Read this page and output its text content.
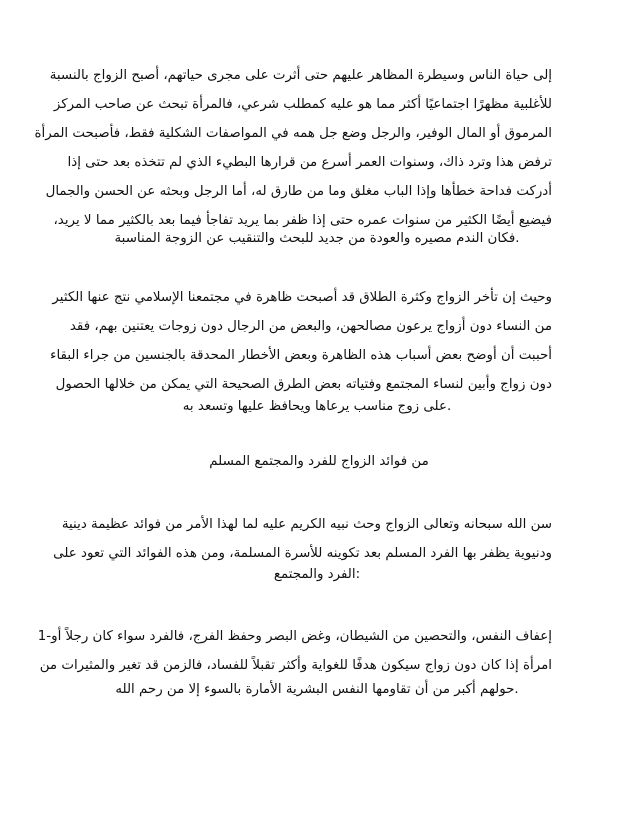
إلى حياة الناس وسيطرة المظاهر عليهم حتى أثرت على مجرى حياتهم، أصبح الزواج بالنسبة
للأغلبية مظهرًا اجتماعيًا أكثر مما هو عليه كمطلب شرعي، فالمرأة تبحث عن صاحب المركز
المرموق أو المال الوفير، والرجل وضع جل همه في المواصفات الشكلية فقط، فأصبحت المرأة
ترفض هذا وترد ذاك، وسنوات العمر أسرع من قرارها البطيء الذي لم تتخذه بعد حتى إذا
أدركت فداحة خطأها وإذا الباب مغلق وما من طارق له، أما الرجل وبحثه عن الحسن والجمال
فيضيع أيضًا الكثير من سنوات عمره حتى إذا ظفر بما يريد تفاجأ فيما بعد بالكثير مما لا يريد،
.فكان الندم مصيره والعودة من جديد للبحث والتنقيب عن الزوجة المناسبة
وحيث إن تأخر الزواج وكثرة الطلاق قد أصبحت ظاهرة في مجتمعنا الإسلامي نتج عنها الكثير
من النساء دون أزواج يرعون مصالحهن، والبعض من الرجال دون زوجات يعتنين بهم، فقد
أحببت أن أوضح بعض أسباب هذه الظاهرة وبعض الأخطار المحدقة بالجنسين من جراء البقاء
دون زواج وأبين لنساء المجتمع وفتياته بعض الطرق الصحيحة التي يمكن من خلالها الحصول
.على زوج مناسب يرعاها ويحافظ عليها وتسعد به
من فوائد الزواج للفرد والمجتمع المسلم
سن الله سبحانه وتعالى الزواج وحث نبيه الكريم عليه لما لهذا الأمر من فوائد عظيمة دينية
ودنيوية يظفر بها الفرد المسلم بعد تكوينه للأسرة المسلمة، ومن هذه الفوائد التي تعود على
:الفرد والمجتمع
إعفاف النفس، والتحصين من الشيطان، وغض البصر وحفظ الفرج، فالفرد سواء كان رجلاً أو-1
امرأة إذا كان دون زواج سيكون هدفًا للغواية وأكثر تقبلاً للفساد، فالزمن قد تغير والمثيرات من
.حولهم أكبر من أن تقاومها النفس البشرية الأمارة بالسوء إلا من رحم الله
